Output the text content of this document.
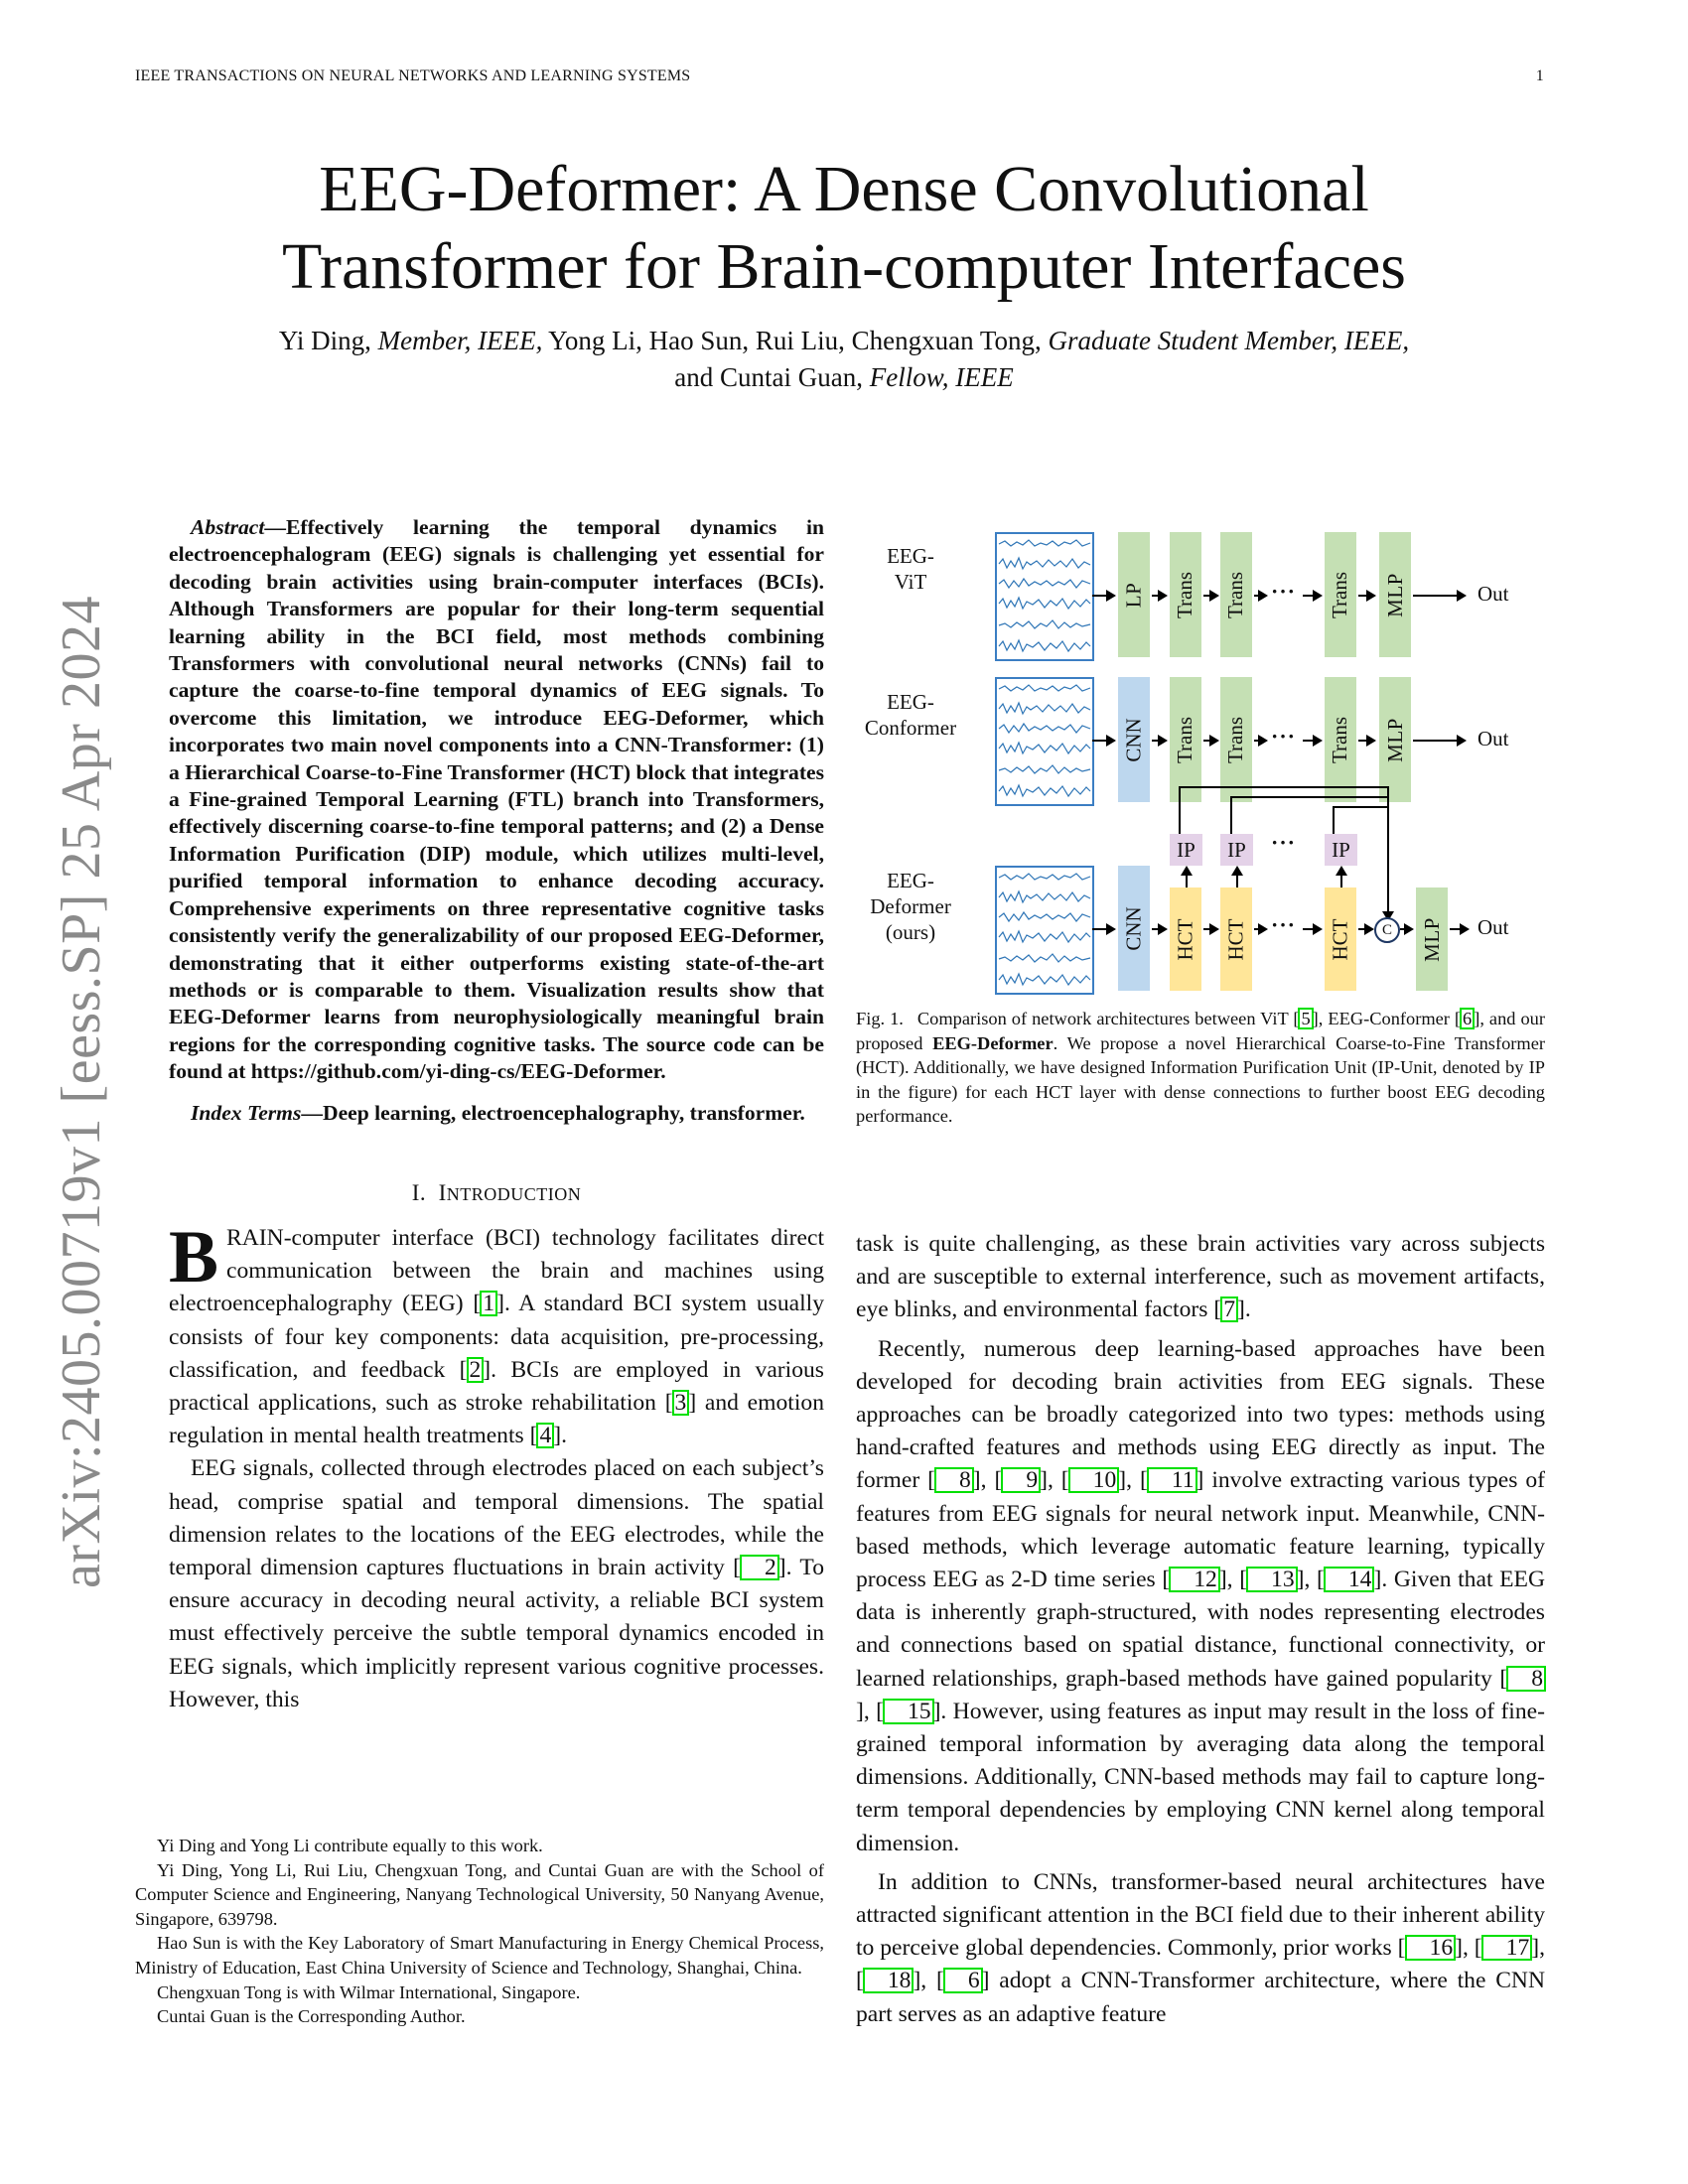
IEEE TRANSACTIONS ON NEURAL NETWORKS AND LEARNING SYSTEMS	1
arXiv:2405.00719v1 [eess.SP] 25 Apr 2024
EEG-Deformer: A Dense Convolutional
Transformer for Brain-computer Interfaces
Yi Ding, Member, IEEE, Yong Li, Hao Sun, Rui Liu, Chengxuan Tong, Graduate Student Member, IEEE,
and Cuntai Guan, Fellow, IEEE

Abstract—Effectively learning the temporal dynamics in electroencephalogram (EEG) signals is challenging yet essential for decoding brain activities using brain-computer interfaces (BCIs). Although Transformers are popular for their long-term sequential learning ability in the BCI field, most methods combining Transformers with convolutional neural networks (CNNs) fail to capture the coarse-to-fine temporal dynamics of EEG signals. To overcome this limitation, we introduce EEG-Deformer, which incorporates two main novel components into a CNN-Transformer: (1) a Hierarchical Coarse-to-Fine Transformer (HCT) block that integrates a Fine-grained Temporal Learning (FTL) branch into Transformers, effectively discerning coarse-to-fine temporal patterns; and (2) a Dense Information Purification (DIP) module, which utilizes multi-level, purified temporal information to enhance decoding accuracy. Comprehensive experiments on three representative cognitive tasks consistently verify the generalizability of our proposed EEG-Deformer, demonstrating that it either outperforms existing state-of-the-art methods or is comparable to them. Visualization results show that EEG-Deformer learns from neurophysiologically meaningful brain regions for the corresponding cognitive tasks. The source code can be found at https://github.com/yi-ding-cs/EEG-Deformer.

Index Terms—Deep learning, electroencephalography, transformer.

I. INTRODUCTION

BRAIN-computer interface (BCI) technology facilitates direct communication between the brain and machines using electroencephalography (EEG) [1]. A standard BCI system usually consists of four key components: data acquisition, pre-processing, classification, and feedback [2]. BCIs are employed in various practical applications, such as stroke rehabilitation [3] and emotion regulation in mental health treatments [4].

EEG signals, collected through electrodes placed on each subject’s head, comprise spatial and temporal dimensions. The spatial dimension relates to the locations of the EEG electrodes, while the temporal dimension captures fluctuations in brain activity [ 2]. To ensure accuracy in decoding neural activity, a reliable BCI system must effectively perceive the subtle temporal dynamics encoded in EEG signals, which implicitly represent various cognitive processes. However, this

Yi Ding and Yong Li contribute equally to this work.

Yi Ding, Yong Li, Rui Liu, Chengxuan Tong, and Cuntai Guan are with the School of Computer Science and Engineering, Nanyang Technological University, 50 Nanyang Avenue, Singapore, 639798.

Hao Sun is with the Key Laboratory of Smart Manufacturing in Energy Chemical Process, Ministry of Education, East China University of Science and Technology, Shanghai, China.

Chengxuan Tong is with Wilmar International, Singapore.

Cuntai Guan is the Corresponding Author.

EEG-
ViT
LP Trans Trans ··· Trans MLP	Out
EEG-
Conformer	CNN Trans Trans ··· Trans MLP	Out
IP	IP	···	IP
EEG-
Deformer
(ours)	CNN HCT HCT ··· HCT	C	MLP Out
Fig. 1. Comparison of network architectures between ViT [ 5 ], EEG-Conformer [ 6 ], and our proposed EEG-Deformer. We propose a novel Hierarchical Coarse-to-Fine Transformer (HCT). Additionally, we have designed Information Purification Unit (IP-Unit, denoted by IP in the figure) for each HCT layer with dense connections to further boost EEG decoding performance.

task is quite challenging, as these brain activities vary across subjects and are susceptible to external interference, such as movement artifacts, eye blinks, and environmental factors [7].

Recently, numerous deep learning-based approaches have been developed for decoding brain activities from EEG signals. These approaches can be broadly categorized into two types: methods using hand-crafted features and methods using EEG directly as input. The former [ 8], [ 9], [ 10], [ 11] involve extracting various types of features from EEG signals for neural network input. Meanwhile, CNN-based methods, which leverage automatic feature learning, typically process EEG as 2-D time series [ 12], [ 13], [ 14]. Given that EEG data is inherently graph-structured, with nodes representing electrodes and connections based on spatial distance, functional connectivity, or learned relationships, graph-based methods have gained popularity [ 8], [ 15]. However, using features as input may result in the loss of fine-grained temporal information by averaging data along the temporal dimensions. Additionally, CNN-based methods may fail to capture long-term temporal dependencies by employing CNN kernel along temporal dimension.

In addition to CNNs, transformer-based neural architectures have attracted significant attention in the BCI field due to their inherent ability to perceive global dependencies. Commonly, prior works [ 16], [ 17], [ 18], [ 6] adopt a CNN-Transformer architecture, where the CNN part serves as an adaptive feature
